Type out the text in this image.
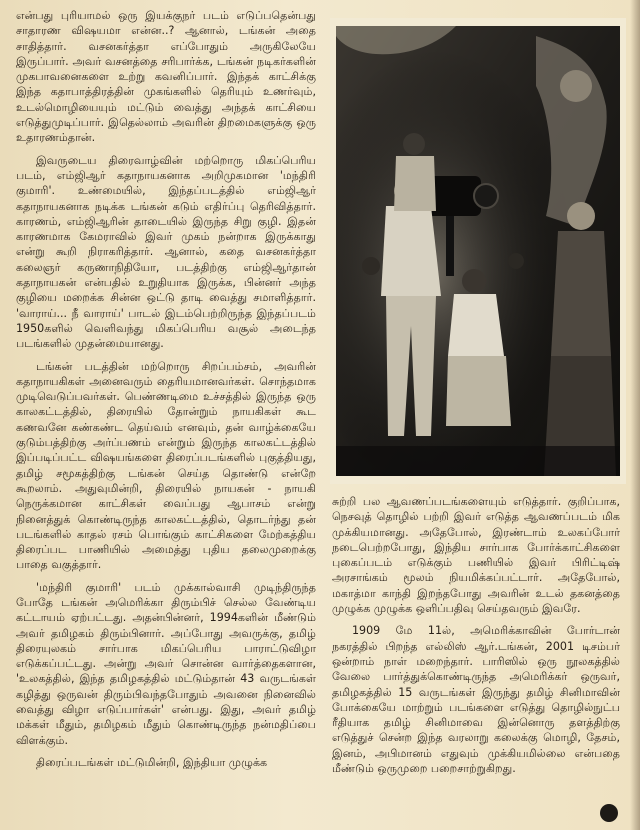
என்பது புரியாமல் ஒரு இயக்குநர் படம் எடுப்பதென்பது சாதாரண விஷயமா என்ன..? ஆனால், டங்கன் அதை சாதித்தார். வசனகர்த்தா எப்போதும் அருகிலேயே இருப்பார். அவர் வசனத்தை சரிபார்க்க, டங்கன் நடிகர்களின் முகபாவனைகளை உற்று கவனிப்பார். இந்தக் காட்சிக்கு இந்த கதாபாத்திரத்தின் முகங்களில் தெரியும் உணர்வும், உடல்மொழியையும் மட்டும் வைத்து அந்தக் காட்சியை எடுத்துமுடிப்பார். இதெல்லாம் அவரின் திறமைகளுக்கு ஒரு உதாரணம்தான்.

இவருடைய திரைவாழ்வின் மற்றொரு மிகப்பெரிய படம், எம்ஜிஆர் கதாநாயகனாக அறிமுகமான 'மந்திரி குமாரி'. உண்மையில், இந்தப்படத்தில் எம்ஜிஆர் கதாநாயகனாக நடிக்க டங்கன் கடும் எதிர்ப்பு தெரிவித்தார். காரணம், எம்ஜிஆரின் தாடையில் இருந்த சிறு குழி. இதன் காரணமாக கேமராவில் இவர் முகம் நன்றாக இருக்காது என்று கூறி நிராகரித்தார். ஆனால், கதை வசனகர்த்தா கலைஞர் கருணாநிதியோ, படத்திற்கு எம்ஜிஆர்தான் கதாநாயகன் என்பதில் உறுதியாக இருக்க, பின்னர் அந்த குழியை மறைக்க சின்ன ஒட்டு தாடி வைத்து சமாளித்தார். 'வாராய்... நீ வாராய்' பாடல் இடம்பெற்றிருந்த இந்தப்படம் 1950களில் வெளிவந்து மிகப்பெரிய வசூல் அடைந்த படங்களில் முதன்மையானது.

டங்கன் படத்தின் மற்றொரு சிறப்பம்சம், அவரின் கதாநாயகிகள் அனைவரும் தைரியமானவர்கள். சொந்தமாக முடிவெடுப்பவர்கள். பெண்ணடிமை உச்சத்தில் இருந்த ஒரு காலகட்டத்தில், திரையில் தோன்றும் நாயகிகள் கூட கணவனே கண்கண்ட தெய்வம் எனவும், தன் வாழ்க்கையே குடும்பத்திற்கு அர்ப்பணம் என்றும் இருந்த காலகட்டத்தில் இப்படிப்பட்ட விஷயங்களை திரைப்படங்களில் புகுத்தியது, தமிழ் சமூகத்திற்கு டங்கன் செய்த தொண்டு என்றே கூறலாம். அதுவுமின்றி, திரையில் நாயகன் - நாயகி நெருக்கமான காட்சிகள் வைப்பது ஆபாசம் என்று நினைத்துக் கொண்டிருந்த காலகட்டத்தில், தொடர்ந்து தன் படங்களில் காதல் ரசம் பொங்கும் காட்சிகளை மேற்கத்திய திரைப்பட பாணியில் அமைத்து புதிய தலைமுறைக்கு பாதை வகுத்தார்.

'மந்திரி குமாரி' படம் முக்கால்வாசி முடிந்திருந்த போதே டங்கன் அமெரிக்கா திரும்பிச் செல்ல வேண்டிய கட்டாயம் ஏற்பட்டது. அதன்பின்னர், 1994களின் மீண்டும் அவர் தமிழகம் திரும்பினார். அப்போது அவருக்கு, தமிழ் திரையுலகம் சார்பாக மிகப்பெரிய பாராட்டுவிழா எடுக்கப்பட்டது. அன்று அவர் சொன்ன வார்த்தைகளான, 'உலகத்தில், இந்த தமிழகத்தில் மட்டும்தான் 43 வருடங்கள் கழித்து ஒருவன் திரும்பிவந்தபோதும் அவனை நினைவில் வைத்து விழா எடுப்பார்கள்' என்பது. இது, அவர் தமிழ் மக்கள் மீதும், தமிழகம் மீதும் கொண்டிருந்த நன்மதிப்பை விளக்கும்.

திரைப்படங்கள் மட்டுமின்றி, இந்தியா முழுக்க

சுற்றி பல ஆவணப்படங்களையும் எடுத்தார். குறிப்பாக, நெசவுத் தொழில் பற்றி இவர் எடுத்த ஆவணப்படம் மிக முக்கியமானது. அதேபோல், இரண்டாம் உலகப்போர் நடைபெற்றபோது, இந்திய சார்பாக போர்க்காட்சிகளை புகைப்படம் எடுக்கும் பணியில் இவர் பிரிட்டிஷ் அரசாங்கம் மூலம் நியமிக்கப்பட்டார். அதேபோல், மகாத்மா காந்தி இறந்தபோது அவரின் உடல் தகனத்தை முழுக்க முழுக்க ஒளிப்பதிவு செய்தவரும் இவரே.

1909 மே 11ல், அமெரிக்காவின் போர்டான் நகரத்தில் பிறந்த எல்லிஸ் ஆர்.டங்கன், 2001 டிசம்பர் ஒன்றாம் நாள் மறைந்தார். பாரிஸில் ஒரு நூலகத்தில் வேலை பார்த்துக்கொண்டிருந்த அமெரிக்கர் ஒருவர், தமிழகத்தில் 15 வருடங்கள் இருந்து தமிழ் சினிமாவின் போக்கையே மாற்றும் படங்களை எடுத்து தொழில்நுட்ப ரீதியாக தமிழ் சினிமாவை இன்னொரு தளத்திற்கு எடுத்துச் சென்ற இந்த வரலாறு கலைக்கு மொழி, தேசம், இனம், அபிமானம் எதுவும் முக்கியமில்லை என்பதை மீண்டும் ஒருமுறை பறைசாற்றுகிறது.
